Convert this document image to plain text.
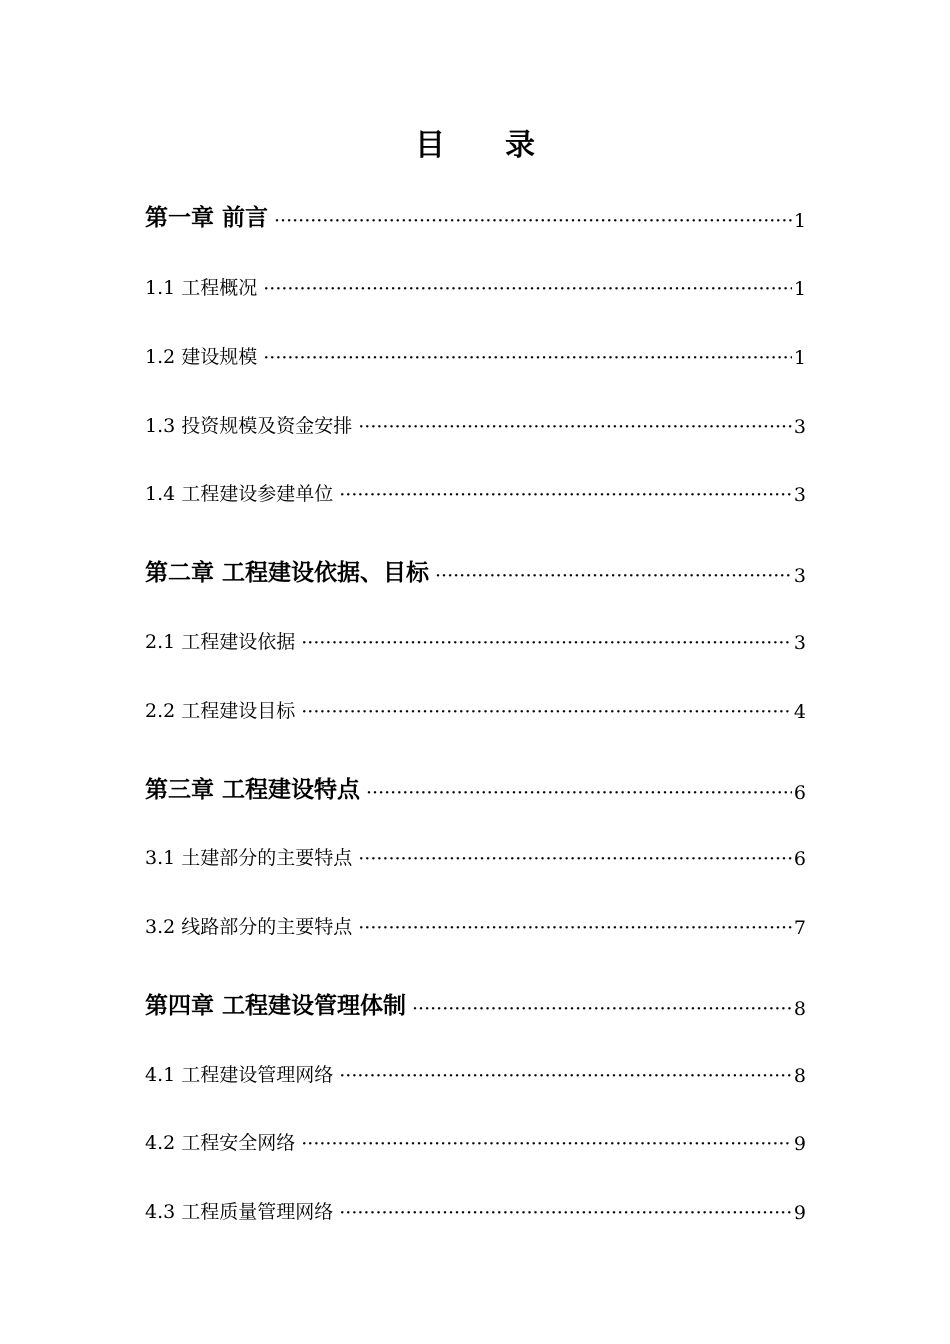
目　　录
第一章 前言 ·····	1
1.1 工程概况 ·····	1
1.2 建设规模 ·····	1
1.3 投资规模及资金安排 ·····	3
1.4 工程建设参建单位 ·····	3
第二章 工程建设依据、目标 ·····	3
2.1 工程建设依据 ·····	3
2.2 工程建设目标 ·····	4
第三章 工程建设特点 ·····	6
3.1 土建部分的主要特点 ·····	6
3.2 线路部分的主要特点 ·····	7
第四章 工程建设管理体制 ·····	8
4.1 工程建设管理网络 ·····	8
4.2 工程安全网络 ·····	9
4.3 工程质量管理网络 ·····	9
